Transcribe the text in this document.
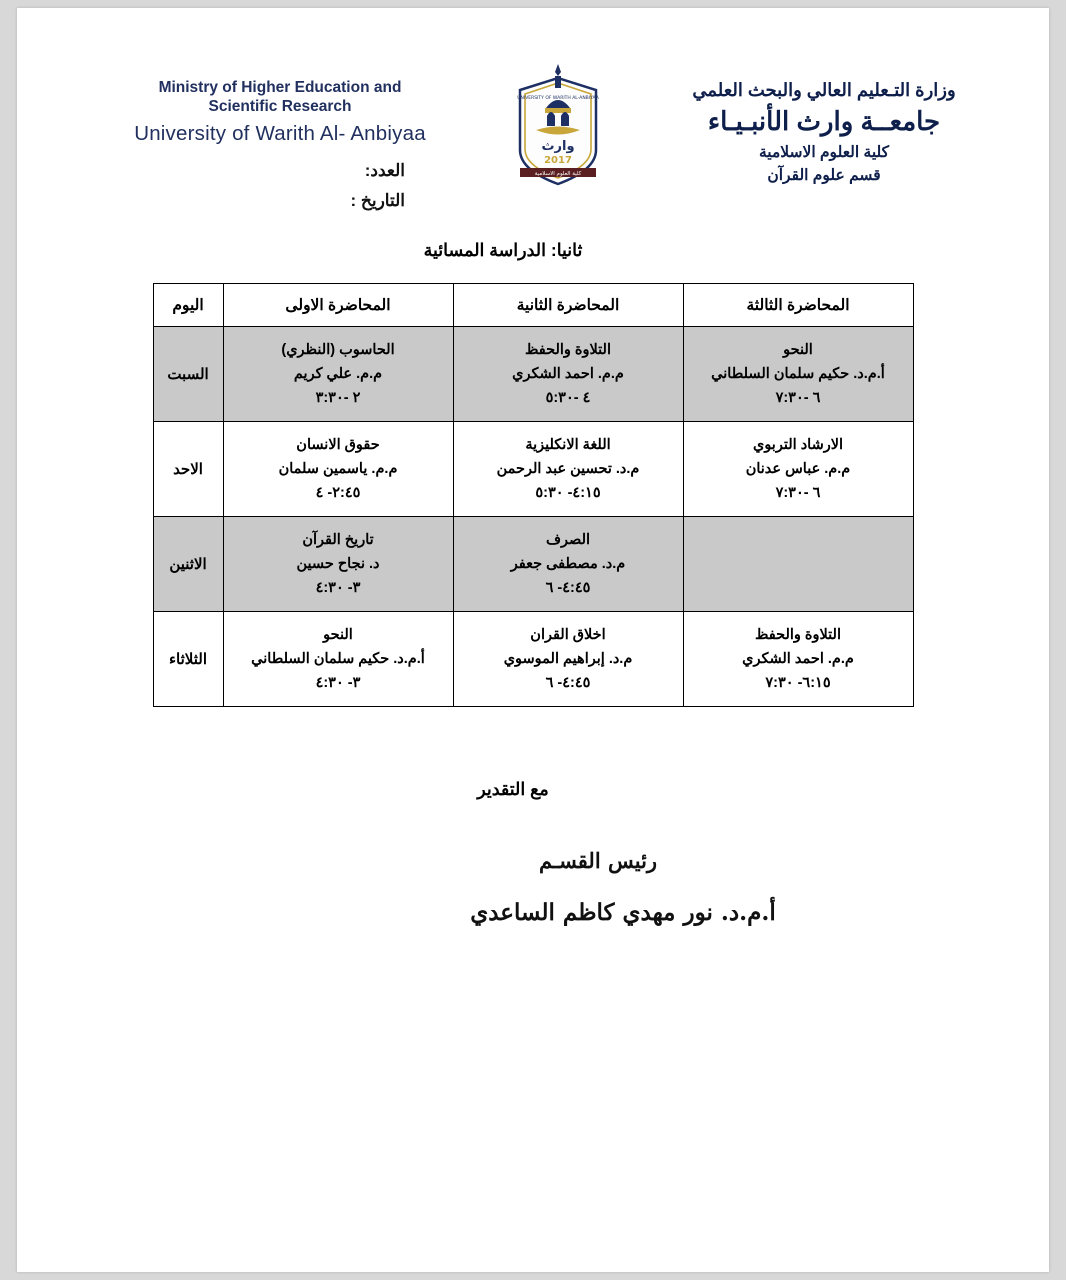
Ministry of Higher Education and
Scientific Research
University of Warith Al- Anbiyaa
وارث
2017
كلية العلوم الاسلامية
UNIVERSITY OF WARITH AL-ANBIYAA	وزارة التـعليم العالي والبحث العلمي
جامعــة وارث الأنبـيـاء
كلية العلوم الاسلامية
قسم علوم القرآن
العدد:
التاريخ :
ثانيا: الدراسة المسائية
المحاضرة الثالثة	المحاضرة الثانية	المحاضرة الاولى	اليوم

النحو
أ.م.د. حكيم سلمان السلطاني
٦ -٧:٣٠	التلاوة والحفظ
م.م. احمد الشكري
٤ -٥:٣٠	الحاسوب (النظري)
م.م. علي كريم
٢ -٣:٣٠	السبت

الارشاد التربوي
م.م. عباس عدنان
٦ -٧:٣٠	اللغة الانكليزية
م.د. تحسين عبد الرحمن
٤:١٥- ٥:٣٠	حقوق الانسان
م.م. ياسمين سلمان
٢:٤٥- ٤	الاحد

	الصرف
م.د. مصطفى جعفر
٤:٤٥- ٦	تاريخ القرآن
د. نجاح حسين
٣- ٤:٣٠	الاثنين

التلاوة والحفظ
م.م. احمد الشكري
٦:١٥- ٧:٣٠	اخلاق القران
م.د. إبراهيم الموسوي
٤:٤٥- ٦	النحو
أ.م.د. حكيم سلمان السلطاني
٣- ٤:٣٠	الثلاثاء
مع التقدير
رئيس القسـم
أ.م.د. نور مهدي كاظم الساعدي
